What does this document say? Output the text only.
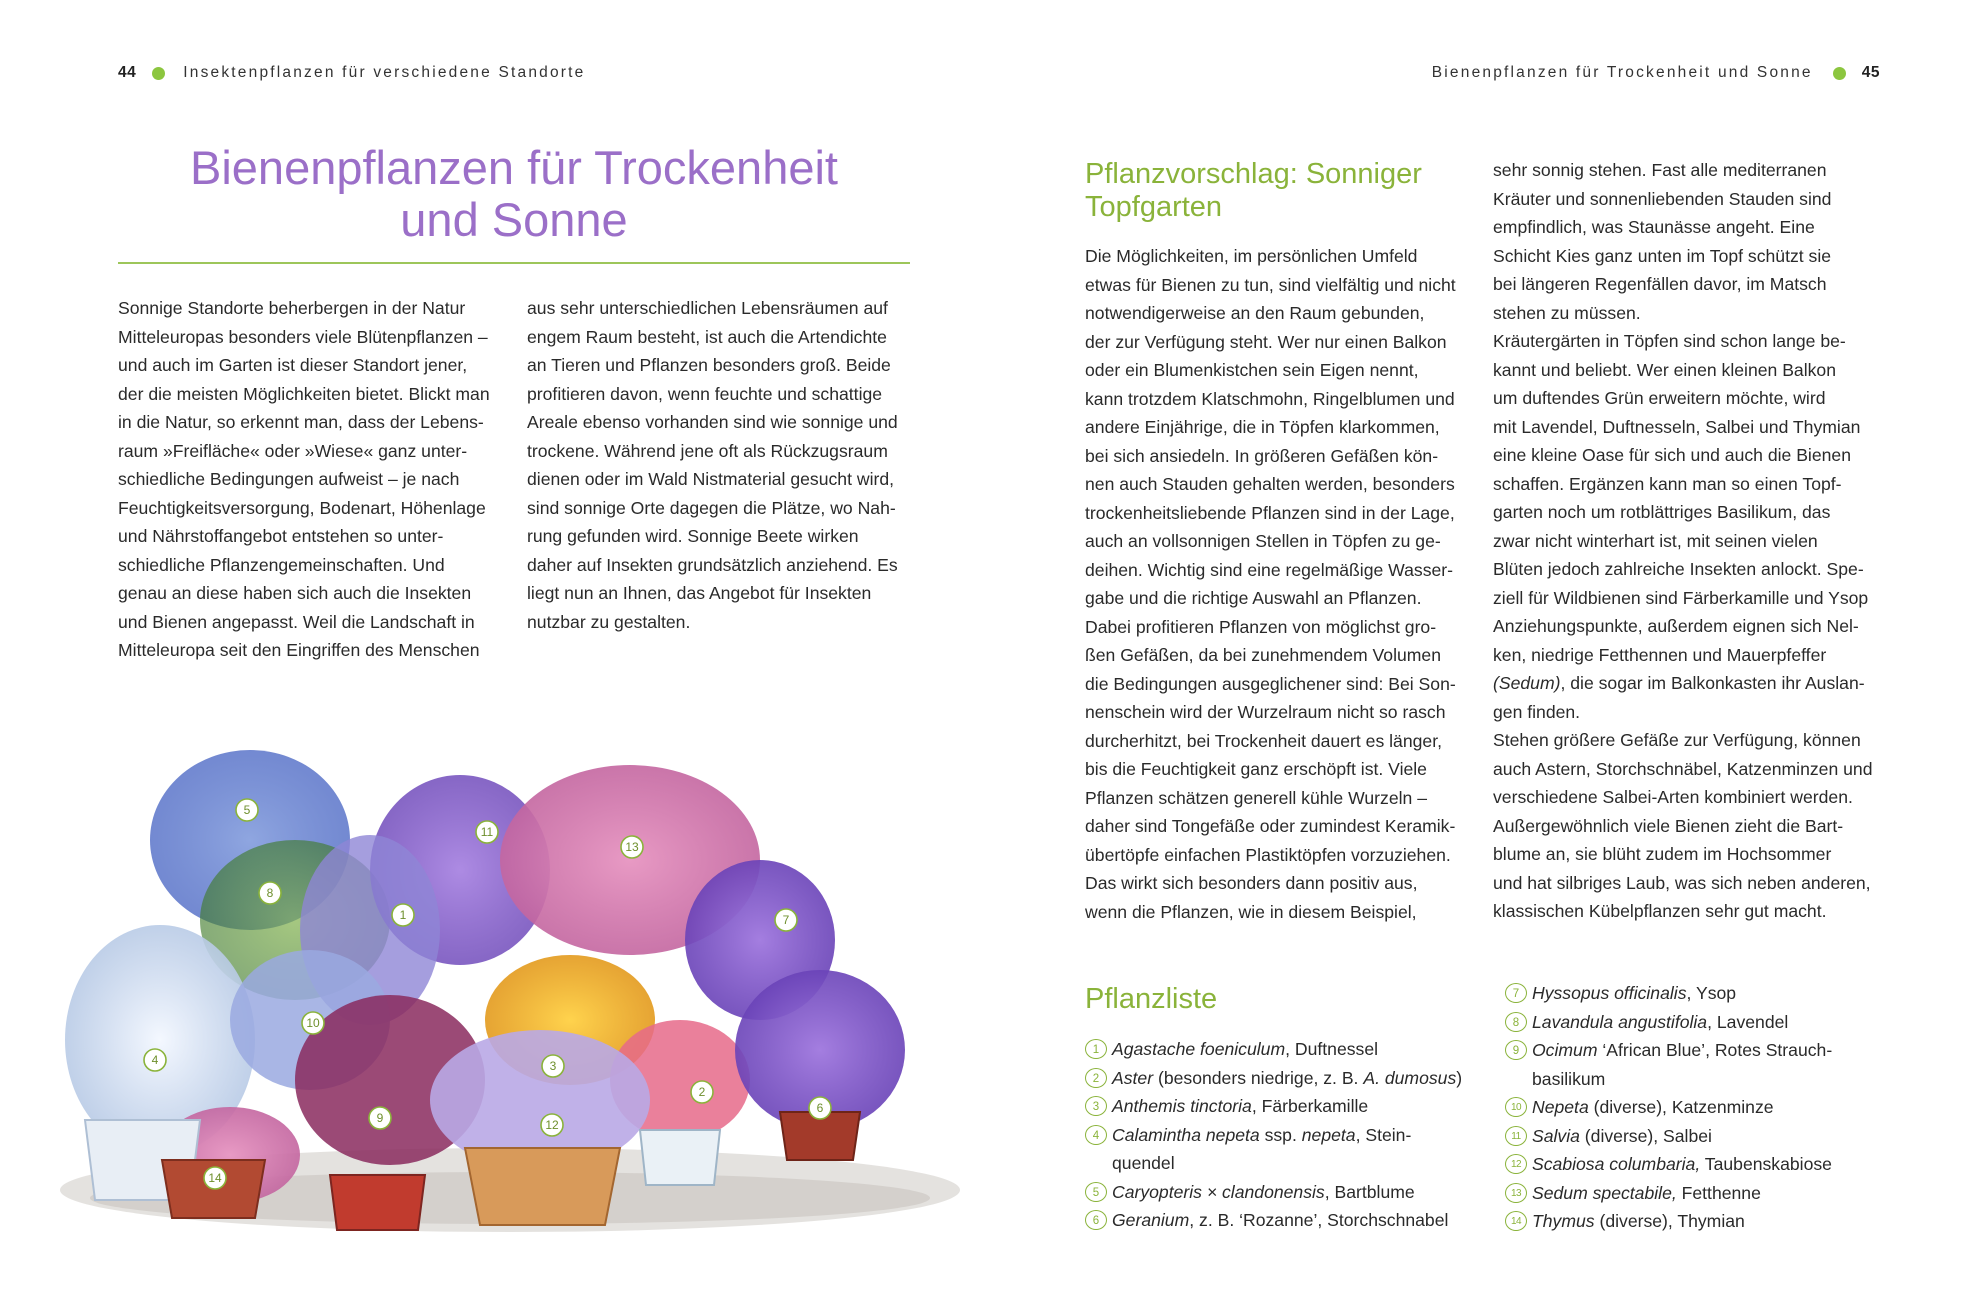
44	Insektenpflanzen für verschiedene Standorte	Bienenpflanzen für Trockenheit und Sonne	45
Bienenpflanzen für Trockenheit
und Sonne
Sonnige Standorte beherbergen in der Natur
Mitteleuropas besonders viele Blütenpflanzen –
und auch im Garten ist dieser Standort jener,
der die meisten Möglichkeiten bietet. Blickt man
in die Natur, so erkennt man, dass der Lebens-
raum »Freifläche« oder »Wiese« ganz unter-
schiedliche Bedingungen aufweist – je nach
Feuchtigkeitsversorgung, Bodenart, Höhenlage
und Nährstoffangebot entstehen so unter-
schiedliche Pflanzengemeinschaften. Und
genau an diese haben sich auch die Insekten
und Bienen angepasst. Weil die Landschaft in
Mitteleuropa seit den Eingriffen des Menschen
aus sehr unterschiedlichen Lebensräumen auf
engem Raum besteht, ist auch die Artendichte
an Tieren und Pflanzen besonders groß. Beide
profitieren davon, wenn feuchte und schattige
Areale ebenso vorhanden sind wie sonnige und
trockene. Während jene oft als Rückzugsraum
dienen oder im Wald Nistmaterial gesucht wird,
sind sonnige Orte dagegen die Plätze, wo Nah-
rung gefunden wird. Sonnige Beete wirken
daher auf Insekten grundsätzlich anziehend. Es
liegt nun an Ihnen, das Angebot für Insekten
nutzbar zu gestalten.
1
2
3
4
5
6
7
8
9
10
11
12
13
14
Pflanzvorschlag: Sonniger
Topfgarten
Die Möglichkeiten, im persönlichen Umfeld
etwas für Bienen zu tun, sind vielfältig und nicht
notwendigerweise an den Raum gebunden,
der zur Verfügung steht. Wer nur einen Balkon
oder ein Blumenkistchen sein Eigen nennt,
kann trotzdem Klatschmohn, Ringelblumen und
andere Einjährige, die in Töpfen klarkommen,
bei sich ansiedeln. In größeren Gefäßen kön-
nen auch Stauden gehalten werden, besonders
trockenheitsliebende Pflanzen sind in der Lage,
auch an vollsonnigen Stellen in Töpfen zu ge-
deihen. Wichtig sind eine regelmäßige Wasser-
gabe und die richtige Auswahl an Pflanzen.
Dabei profitieren Pflanzen von möglichst gro-
ßen Gefäßen, da bei zunehmendem Volumen
die Bedingungen ausgeglichener sind: Bei Son-
nenschein wird der Wurzelraum nicht so rasch
durcherhitzt, bei Trockenheit dauert es länger,
bis die Feuchtigkeit ganz erschöpft ist. Viele
Pflanzen schätzen generell kühle Wurzeln –
daher sind Tongefäße oder zumindest Keramik-
übertöpfe einfachen Plastiktöpfen vorzuziehen.
Das wirkt sich besonders dann positiv aus,
wenn die Pflanzen, wie in diesem Beispiel,
sehr sonnig stehen. Fast alle mediterranen
Kräuter und sonnenliebenden Stauden sind
empfindlich, was Staunässe angeht. Eine
Schicht Kies ganz unten im Topf schützt sie
bei längeren Regenfällen davor, im Matsch
stehen zu müssen.
Kräutergärten in Töpfen sind schon lange be-
kannt und beliebt. Wer einen kleinen Balkon
um duftendes Grün erweitern möchte, wird
mit Lavendel, Duftnesseln, Salbei und Thymian
eine kleine Oase für sich und auch die Bienen
schaffen. Ergänzen kann man so einen Topf-
garten noch um rotblättriges Basilikum, das
zwar nicht winterhart ist, mit seinen vielen
Blüten jedoch zahlreiche Insekten anlockt. Spe-
ziell für Wildbienen sind Färberkamille und Ysop
Anziehungspunkte, außerdem eignen sich Nel-
ken, niedrige Fetthennen und Mauerpfeffer
(Sedum), die sogar im Balkonkasten ihr Auslan-
gen finden.
Stehen größere Gefäße zur Verfügung, können
auch Astern, Storchschnäbel, Katzenminzen und
verschiedene Salbei-Arten kombiniert werden.
Außergewöhnlich viele Bienen zieht die Bart-
blume an, sie blüht zudem im Hochsommer
und hat silbriges Laub, was sich neben anderen,
klassischen Kübelpflanzen sehr gut macht.
Pflanzliste
1 Agastache foeniculum, Duftnessel
2 Aster (besonders niedrige, z. B. A. dumosus)
3 Anthemis tinctoria, Färberkamille
4 Calamintha nepeta ssp. nepeta, Stein-
quendel
5 Caryopteris × clandonensis, Bartblume
6 Geranium, z. B. ‘Rozanne’, Storchschnabel
7 Hyssopus officinalis, Ysop
8 Lavandula angustifolia, Lavendel
9 Ocimum ‘African Blue’, Rotes Strauch-
basilikum
10 Nepeta (diverse), Katzenminze
11 Salvia (diverse), Salbei
12 Scabiosa columbaria, Taubenskabiose
13 Sedum spectabile, Fetthenne
14 Thymus (diverse), Thymian
